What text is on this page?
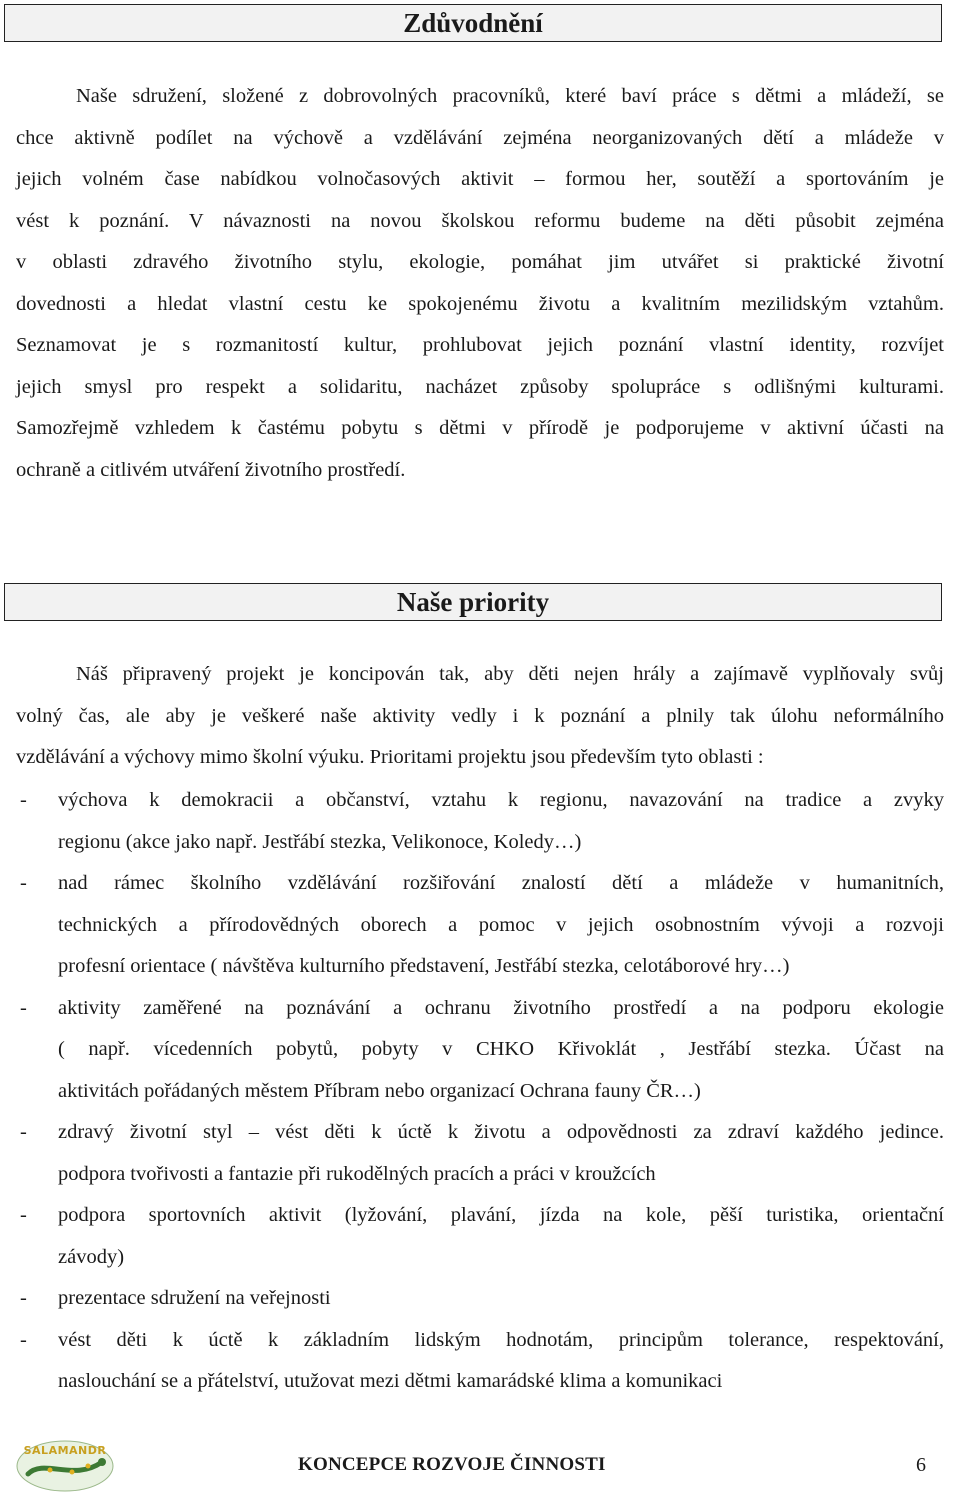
Zdůvodnění
Naše sdružení, složené z dobrovolných pracovníků, které baví práce s dětmi a mládeží, se
chce aktivně podílet na výchově a vzdělávání zejména neorganizovaných dětí a mládeže v
jejich volném čase nabídkou volnočasových aktivit – formou her, soutěží a sportováním je
vést k poznání. V návaznosti na novou školskou reformu budeme na děti působit zejména
v oblasti zdravého životního stylu, ekologie, pomáhat jim utvářet si praktické životní
dovednosti a hledat vlastní cestu ke spokojenému životu a kvalitním mezilidským vztahům.
Seznamovat je s rozmanitostí kultur, prohlubovat jejich poznání vlastní identity, rozvíjet
jejich smysl pro respekt a solidaritu, nacházet způsoby spolupráce s odlišnými kulturami.
Samozřejmě vzhledem k častému pobytu s dětmi v přírodě je podporujeme v aktivní účasti na
ochraně a citlivém utváření životního prostředí.
Naše priority
Náš připravený projekt je koncipován tak, aby děti nejen hrály a zajímavě vyplňovaly svůj
volný čas, ale aby je veškeré naše aktivity vedly i k poznání a plnily tak úlohu neformálního
vzdělávání a výchovy mimo školní výuku. Prioritami projektu jsou především tyto oblasti :
- výchova k demokracii a občanství, vztahu k regionu, navazování na tradice a zvyky
regionu (akce jako např. Jestřábí stezka, Velikonoce, Koledy…)
- nad rámec školního vzdělávání rozšiřování znalostí dětí a mládeže v humanitních,
technických a přírodovědných oborech a pomoc v jejich osobnostním vývoji a rozvoji
profesní orientace ( návštěva kulturního představení, Jestřábí stezka, celotáborové hry…)
- aktivity zaměřené na poznávání a ochranu životního prostředí a na podporu ekologie
( např. vícedenních pobytů, pobyty v CHKO Křivoklát , Jestřábí stezka. Účast na
aktivitách pořádaných městem Příbram nebo organizací Ochrana fauny ČR…)
- zdravý životní styl – vést děti k úctě k životu a odpovědnosti za zdraví každého jedince.
podpora tvořivosti a fantazie při rukodělných pracích a práci v kroužcích
- podpora sportovních aktivit (lyžování, plavání, jízda na kole, pěší turistika, orientační
závody)
- prezentace sdružení na veřejnosti
- vést děti k úctě k základním lidským hodnotám, principům tolerance, respektování,
naslouchání se a přátelství, utužovat mezi dětmi kamarádské klima a komunikaci
SALAMANDR
KONCEPCE ROZVOJE ČINNOSTI	6
